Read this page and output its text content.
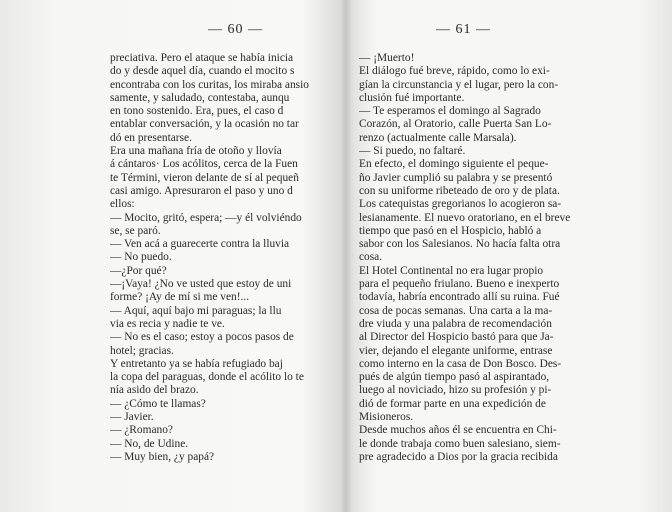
— 60 —
preciativa. Pero el ataque se había inicia
do y desde aquel día, cuando el mocito s
encontraba con los curitas, los miraba ansio
samente, y saludado, contestaba, aunqu
en tono sostenido. Era, pues, el caso d
entablar conversación, y la ocasión no tar
dó en presentarse.
Era una mañana fría de otoño y llovía
á cántaros· Los acólitos, cerca de la Fuen
te Términi, vieron delante de sí al pequeñ
casi amigo. Apresuraron el paso y uno d
ellos:
— Mocito, gritó, espera; —y él volviéndo
se, se paró.
— Ven acá a guarecerte contra la lluvia
— No puedo.
—¿Por qué?
—¡Vaya! ¿No ve usted que estoy de uni
forme? ¡Ay de mí si me ven!...
— Aquí, aquí bajo mi paraguas; la llu
via es recia y nadie te ve.
— No es el caso; estoy a pocos pasos de
hotel; gracias.
Y entretanto ya se había refugiado baj
la copa del paraguas, donde el acólito lo te
nía asido del brazo.
— ¿Cómo te llamas?
— Javier.
— ¿Romano?
— No, de Udine.
— Muy bien, ¿y papá?
— 61 —
— ¡Muerto!
El diálogo fué breve, rápido, como lo exi-
gían la circunstancia y el lugar, pero la con-
clusión fué importante.
— Te esperamos el domingo al Sagrado
Corazón, al Oratorio, calle Puerta San Lo-
renzo (actualmente calle Marsala).
— Si puedo, no faltaré.
En efecto, el domingo siguiente el peque-
ño Javier cumplió su palabra y se presentó
con su uniforme ribeteado de oro y de plata.
Los catequistas gregorianos lo acogieron sa-
lesianamente. El nuevo oratoriano, en el breve
tiempo que pasó en el Hospicio, habló a
sabor con los Salesianos. No hacía falta otra
cosa.
El Hotel Continental no era lugar propio
para el pequeño friulano. Bueno e inexperto
todavía, habría encontrado allí su ruina. Fué
cosa de pocas semanas. Una carta a la ma-
dre viuda y una palabra de recomendación
al Director del Hospicio bastó para que Ja-
vier, dejando el elegante uniforme, entrase
como interno en la casa de Don Bosco. Des-
pués de algún tiempo pasó al aspirantado,
luego al noviciado, hizo su profesión y pi-
dió de formar parte en una expedición de
Misioneros.
Desde muchos años él se encuentra en Chi-
le donde trabaja como buen salesiano, siem-
pre agradecido a Dios por la gracia recibida
